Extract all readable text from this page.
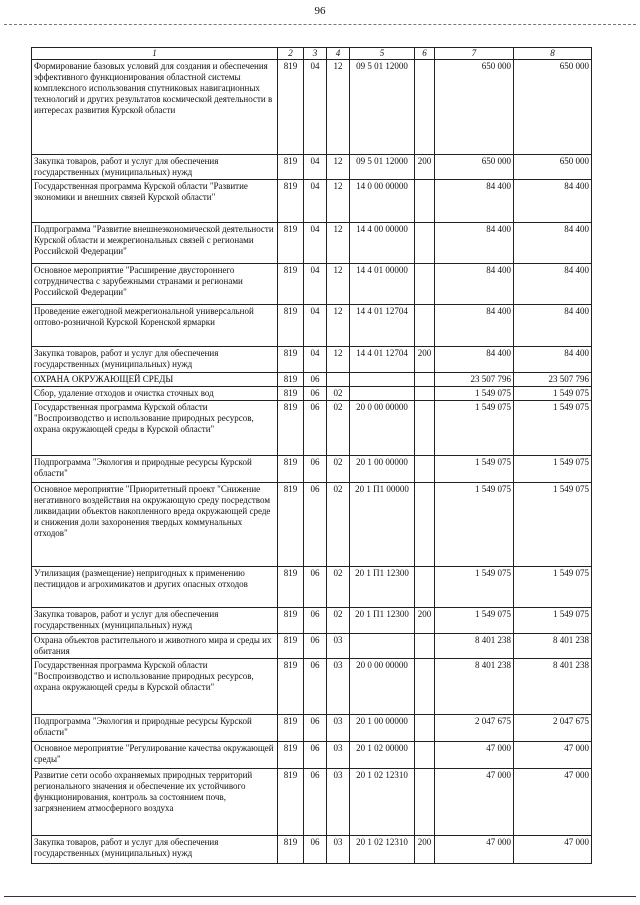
96
1	2	3	4	5	6	7	8
Формирование базовых условий для создания и обеспечения эффективного функционирования областной системы комплексного использования спутниковых навигационных технологий и других результатов космической деятельности в интересах развития Курской области	819	04	12	09 5 01 12000		650 000	650 000
Закупка товаров, работ и услуг для обеспечения государственных (муниципальных) нужд	819	04	12	09 5 01 12000	200	650 000	650 000
Государственная программа Курской области "Развитие экономики и внешних связей Курской области"	819	04	12	14 0 00 00000		84 400	84 400
Подпрограмма "Развитие внешнеэкономической деятельности Курской области и межрегиональных связей с регионами Российской Федерации"	819	04	12	14 4 00 00000		84 400	84 400
Основное мероприятие "Расширение двустороннего сотрудничества с зарубежными странами и регионами Российской Федерации"	819	04	12	14 4 01 00000		84 400	84 400
Проведение ежегодной межрегиональной универсальной оптово-розничной Курской Коренской ярмарки	819	04	12	14 4 01 12704		84 400	84 400
Закупка товаров, работ и услуг для обеспечения государственных (муниципальных) нужд	819	04	12	14 4 01 12704	200	84 400	84 400
ОХРАНА ОКРУЖАЮЩЕЙ СРЕДЫ	819	06				23 507 796	23 507 796
Сбор, удаление отходов и очистка сточных вод	819	06	02			1 549 075	1 549 075
Государственная программа Курской области "Воспроизводство и использование природных ресурсов, охрана окружающей среды в Курской области"	819	06	02	20 0 00 00000		1 549 075	1 549 075
Подпрограмма "Экология и природные ресурсы Курской области"	819	06	02	20 1 00 00000		1 549 075	1 549 075
Основное мероприятие "Приоритетный проект "Снижение негативного воздействия на окружающую среду посредством ликвидации объектов накопленного вреда окружающей среде и снижения доли захоронения твердых коммунальных отходов"	819	06	02	20 1 П1 00000		1 549 075	1 549 075
Утилизация (размещение) непригодных к применению пестицидов и агрохимикатов и других опасных отходов	819	06	02	20 1 П1 12300		1 549 075	1 549 075
Закупка товаров, работ и услуг для обеспечения государственных (муниципальных) нужд	819	06	02	20 1 П1 12300	200	1 549 075	1 549 075
Охрана объектов растительного и животного мира и среды их обитания	819	06	03			8 401 238	8 401 238
Государственная программа Курской области "Воспроизводство и использование природных ресурсов, охрана окружающей среды в Курской области"	819	06	03	20 0 00 00000		8 401 238	8 401 238
Подпрограмма "Экология и природные ресурсы Курской области"	819	06	03	20 1 00 00000		2 047 675	2 047 675
Основное мероприятие "Регулирование качества окружающей среды"	819	06	03	20 1 02 00000		47 000	47 000
Развитие сети особо охраняемых природных территорий регионального значения и обеспечение их устойчивого функционирования, контроль за состоянием почв, загрязнением атмосферного воздуха	819	06	03	20 1 02 12310		47 000	47 000
Закупка товаров, работ и услуг для обеспечения государственных (муниципальных) нужд	819	06	03	20 1 02 12310	200	47 000	47 000
